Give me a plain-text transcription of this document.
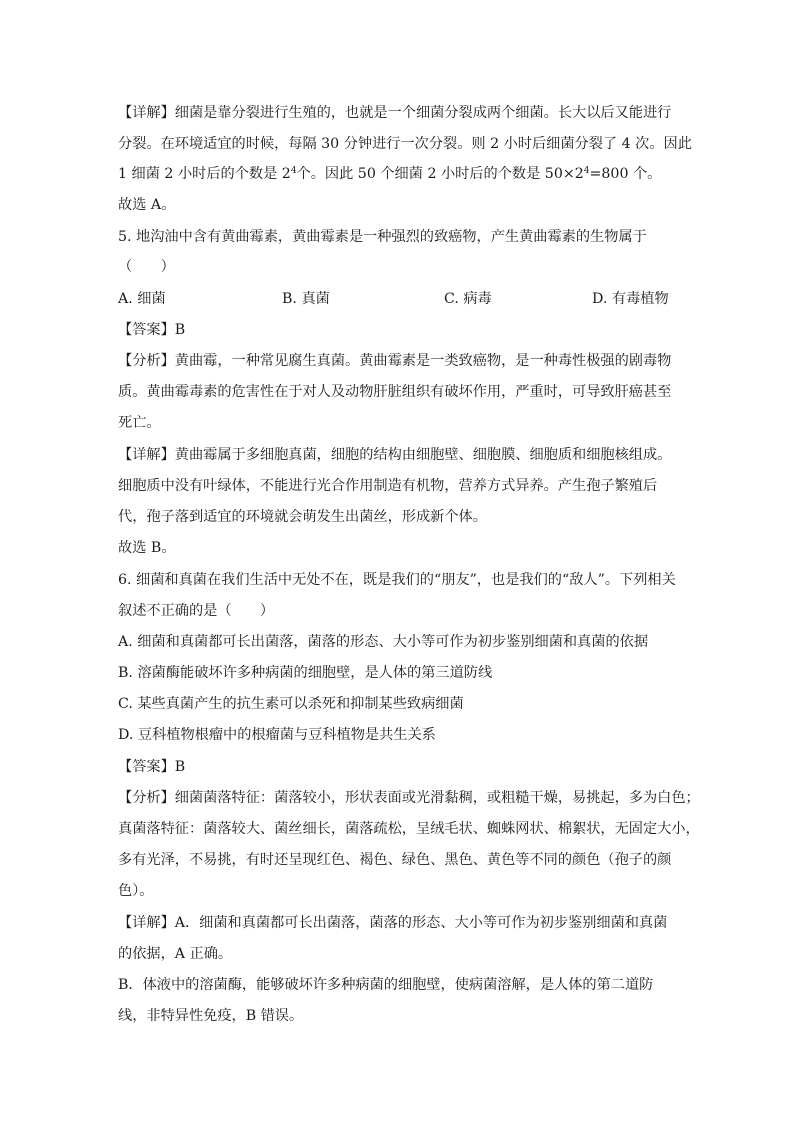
【详解】细菌是靠分裂进行生殖的，也就是一个细菌分裂成两个细菌。长大以后又能进行
分裂。在环境适宜的时候，每隔 30 分钟进行一次分裂。则 2 小时后细菌分裂了 4 次。因此
1 细菌 2 小时后的个数是 $2^4$个。因此 50 个细菌 2 小时后的个数是 $50\times 2^4=800$ 个。
故选 A。
5. 地沟油中含有黄曲霉素，黄曲霉素是一种强烈的致癌物，产生黄曲霉素的生物属于
（　　）
A. 细菌	B. 真菌	C. 病毒	D. 有毒植物
【答案】B
【分析】黄曲霉，一种常见腐生真菌。黄曲霉素是一类致癌物，是一种毒性极强的剧毒物
质。黄曲霉毒素的危害性在于对人及动物肝脏组织有破坏作用，严重时，可导致肝癌甚至
死亡。
【详解】黄曲霉属于多细胞真菌，细胞的结构由细胞壁、细胞膜、细胞质和细胞核组成。
细胞质中没有叶绿体，不能进行光合作用制造有机物，营养方式异养。产生孢子繁殖后
代，孢子落到适宜的环境就会萌发生出菌丝，形成新个体。
故选 B。
6. 细菌和真菌在我们生活中无处不在，既是我们的“朋友”，也是我们的“敌人”。下列相关
叙述不正确的是（　　）
A. 细菌和真菌都可长出菌落，菌落的形态、大小等可作为初步鉴别细菌和真菌的依据
B. 溶菌酶能破坏许多种病菌的细胞壁，是人体的第三道防线
C. 某些真菌产生的抗生素可以杀死和抑制某些致病细菌
D. 豆科植物根瘤中的根瘤菌与豆科植物是共生关系
【答案】B
【分析】细菌菌落特征：菌落较小，形状表面或光滑黏稠，或粗糙干燥，易挑起，多为白色；
真菌落特征：菌落较大、菌丝细长，菌落疏松，呈绒毛状、蜘蛛网状、棉絮状，无固定大小，
多有光泽，不易挑，有时还呈现红色、褐色、绿色、黑色、黄色等不同的颜色（孢子的颜
色）。
【详解】A．细菌和真菌都可长出菌落，菌落的形态、大小等可作为初步鉴别细菌和真菌
的依据，A 正确。
B．体液中的溶菌酶，能够破坏许多种病菌的细胞壁，使病菌溶解，是人体的第二道防
线，非特异性免疫，B 错误。
